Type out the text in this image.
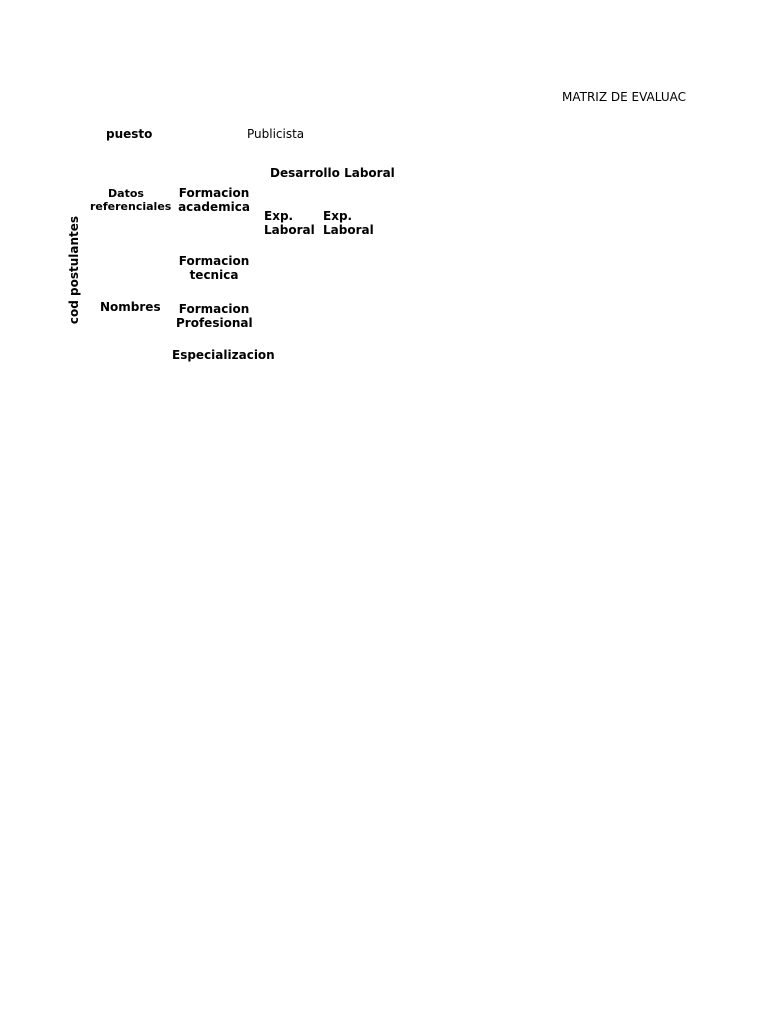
MATRIZ DE EVALUAC
puesto	Publicista
Desarrollo Laboral
cod postulantes
Datos
referenciales
Nombres
Formacion
academica
Formacion
tecnica
Formacion
Profesional
Especializacion
Exp.
Laboral
Exp.
Laboral
